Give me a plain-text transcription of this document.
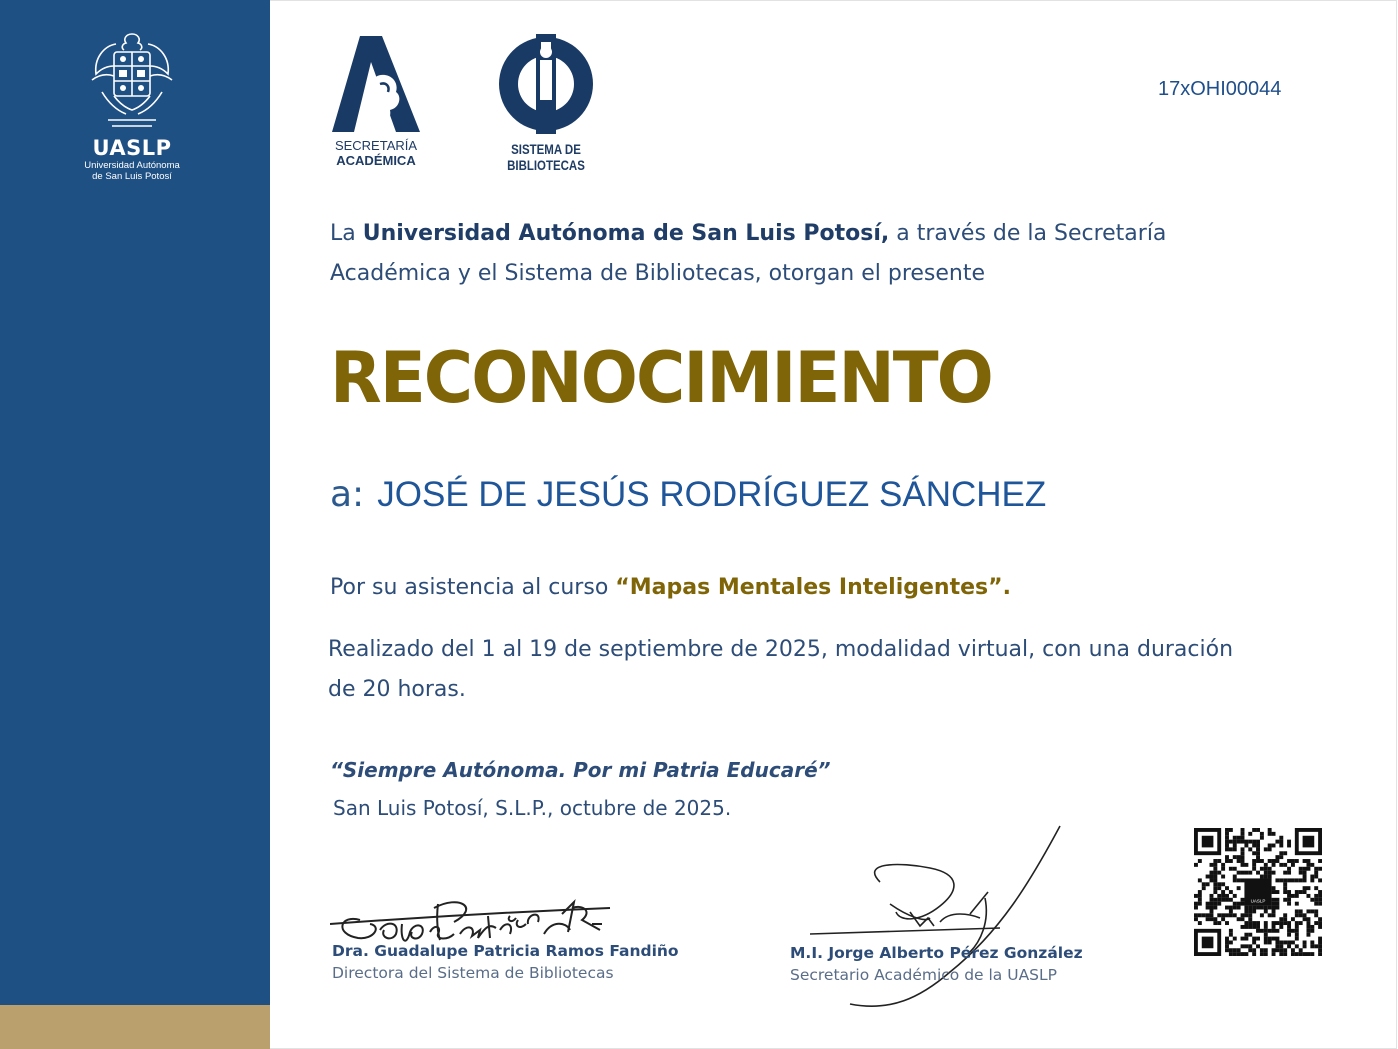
UASLP
Universidad Autónoma
de San Luis Potosí
SECRETARÍA
ACADÉMICA
SISTEMA DE
BIBLIOTECAS
17xOHI00044
La Universidad Autónoma de San Luis Potosí, a través de la Secretaría Académica y el Sistema de Bibliotecas, otorgan el presente
RECONOCIMIENTO
a: JOSÉ DE JESÚS RODRÍGUEZ SÁNCHEZ
Por su asistencia al curso “Mapas Mentales Inteligentes”.
Realizado del 1 al 19 de septiembre de 2025, modalidad virtual, con una duración de 20 horas.
“Siempre Autónoma. Por mi Patria Educaré”
San Luis Potosí, S.L.P., octubre de 2025.
Dra. Guadalupe Patricia Ramos Fandiño
Directora del Sistema de Bibliotecas
M.I. Jorge Alberto Pérez González
Secretario Académico de la UASLP
UASLP
